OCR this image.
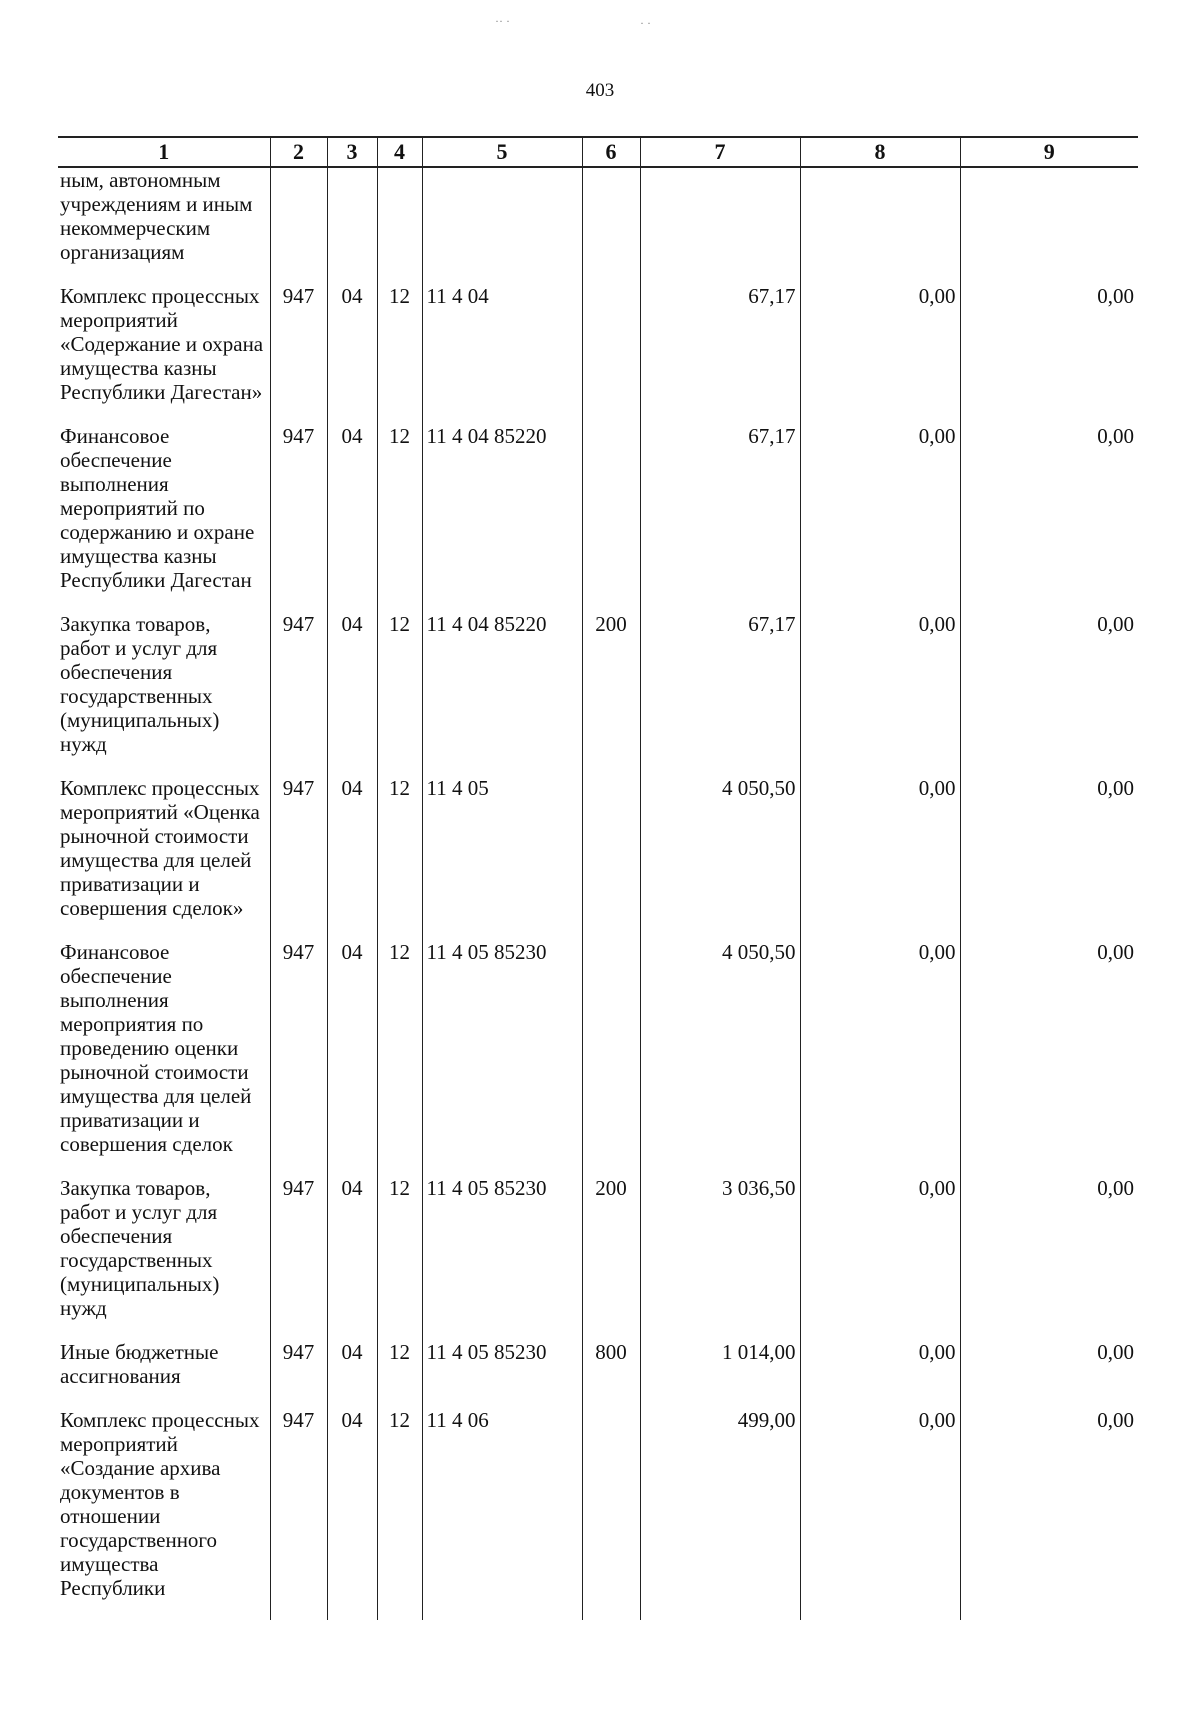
·· ·	· ·
403
1	2	3	4	5	6	7	8	9
ным, автономным учреждениям и иным некоммерческим организациям								
Комплекс процессных мероприятий «Содержание и охрана имущества казны Республики Дагестан»	947	04	12	11 4 04		67,17	0,00	0,00
Финансовое обеспечение выполнения мероприятий по содержанию и охране имущества казны Республики Дагестан	947	04	12	11 4 04 85220		67,17	0,00	0,00
Закупка товаров, работ и услуг для обеспечения государственных (муниципальных) нужд	947	04	12	11 4 04 85220	200	67,17	0,00	0,00
Комплекс процессных мероприятий «Оценка рыночной стоимости имущества для целей приватизации и совершения сделок»	947	04	12	11 4 05		4 050,50	0,00	0,00
Финансовое обеспечение выполнения мероприятия по проведению оценки рыночной стоимости имущества для целей приватизации и совершения сделок	947	04	12	11 4 05 85230		4 050,50	0,00	0,00
Закупка товаров, работ и услуг для обеспечения государственных (муниципальных) нужд	947	04	12	11 4 05 85230	200	3 036,50	0,00	0,00
Иные бюджетные ассигнования	947	04	12	11 4 05 85230	800	1 014,00	0,00	0,00
Комплекс процессных мероприятий «Создание архива документов в отношении государственного имущества Республики	947	04	12	11 4 06		499,00	0,00	0,00
